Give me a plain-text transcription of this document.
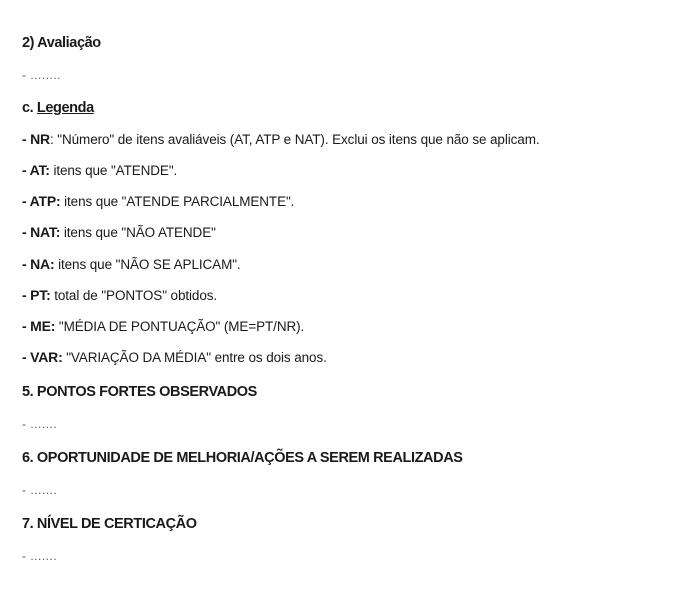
2) Avaliação
- ........
c. Legenda
- NR: "Número" de itens avaliáveis (AT, ATP e NAT). Exclui os itens que não se aplicam.
- AT: itens que "ATENDE".
- ATP: itens que "ATENDE PARCIALMENTE".
- NAT: itens que "NÃO ATENDE"
- NA: itens que "NÃO SE APLICAM".
- PT: total de "PONTOS" obtidos.
- ME: "MÉDIA DE PONTUAÇÃO" (ME=PT/NR).
- VAR: "VARIAÇÃO DA MÉDIA" entre os dois anos.
5. PONTOS FORTES OBSERVADOS
- .......
6. OPORTUNIDADE DE MELHORIA/AÇÕES A SEREM REALIZADAS
- .......
7. NÍVEL DE CERTICAÇÃO
- .......
